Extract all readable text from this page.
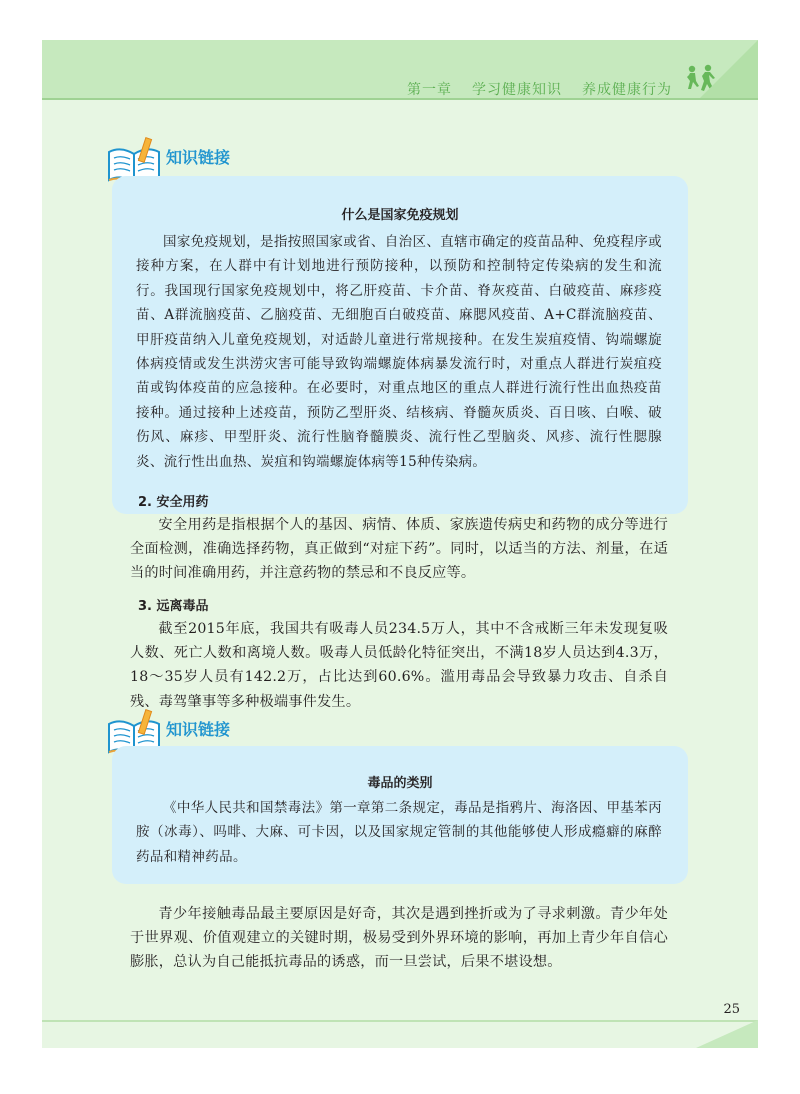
第一章 学习健康知识 养成健康行为
知识链接
什么是国家免疫规划

国家免疫规划，是指按照国家或省、自治区、直辖市确定的疫苗品种、免疫程序或接种方案，在人群中有计划地进行预防接种，以预防和控制特定传染病的发生和流行。我国现行国家免疫规划中，将乙肝疫苗、卡介苗、脊灰疫苗、白破疫苗、麻疹疫苗、A群流脑疫苗、乙脑疫苗、无细胞百白破疫苗、麻腮风疫苗、A+C群流脑疫苗、甲肝疫苗纳入儿童免疫规划，对适龄儿童进行常规接种。在发生炭疽疫情、钩端螺旋体病疫情或发生洪涝灾害可能导致钩端螺旋体病暴发流行时，对重点人群进行炭疽疫苗或钩体疫苗的应急接种。在必要时，对重点地区的重点人群进行流行性出血热疫苗接种。通过接种上述疫苗，预防乙型肝炎、结核病、脊髓灰质炎、百日咳、白喉、破伤风、麻疹、甲型肝炎、流行性脑脊髓膜炎、流行性乙型脑炎、风疹、流行性腮腺炎、流行性出血热、炭疽和钩端螺旋体病等15种传染病。

2. 安全用药

安全用药是指根据个人的基因、病情、体质、家族遗传病史和药物的成分等进行全面检测，准确选择药物，真正做到“对症下药”。同时，以适当的方法、剂量，在适当的时间准确用药，并注意药物的禁忌和不良反应等。

3. 远离毒品

截至2015年底，我国共有吸毒人员234.5万人，其中不含戒断三年未发现复吸人数、死亡人数和离境人数。吸毒人员低龄化特征突出，不满18岁人员达到4.3万，18～35岁人员有142.2万，占比达到60.6%。滥用毒品会导致暴力攻击、自杀自残、毒驾肇事等多种极端事件发生。

知识链接
毒品的类别

《中华人民共和国禁毒法》第一章第二条规定，毒品是指鸦片、海洛因、甲基苯丙胺（冰毒）、吗啡、大麻、可卡因，以及国家规定管制的其他能够使人形成瘾癖的麻醉药品和精神药品。

青少年接触毒品最主要原因是好奇，其次是遇到挫折或为了寻求刺激。青少年处于世界观、价值观建立的关键时期，极易受到外界环境的影响，再加上青少年自信心膨胀，总认为自己能抵抗毒品的诱惑，而一旦尝试，后果不堪设想。

25
